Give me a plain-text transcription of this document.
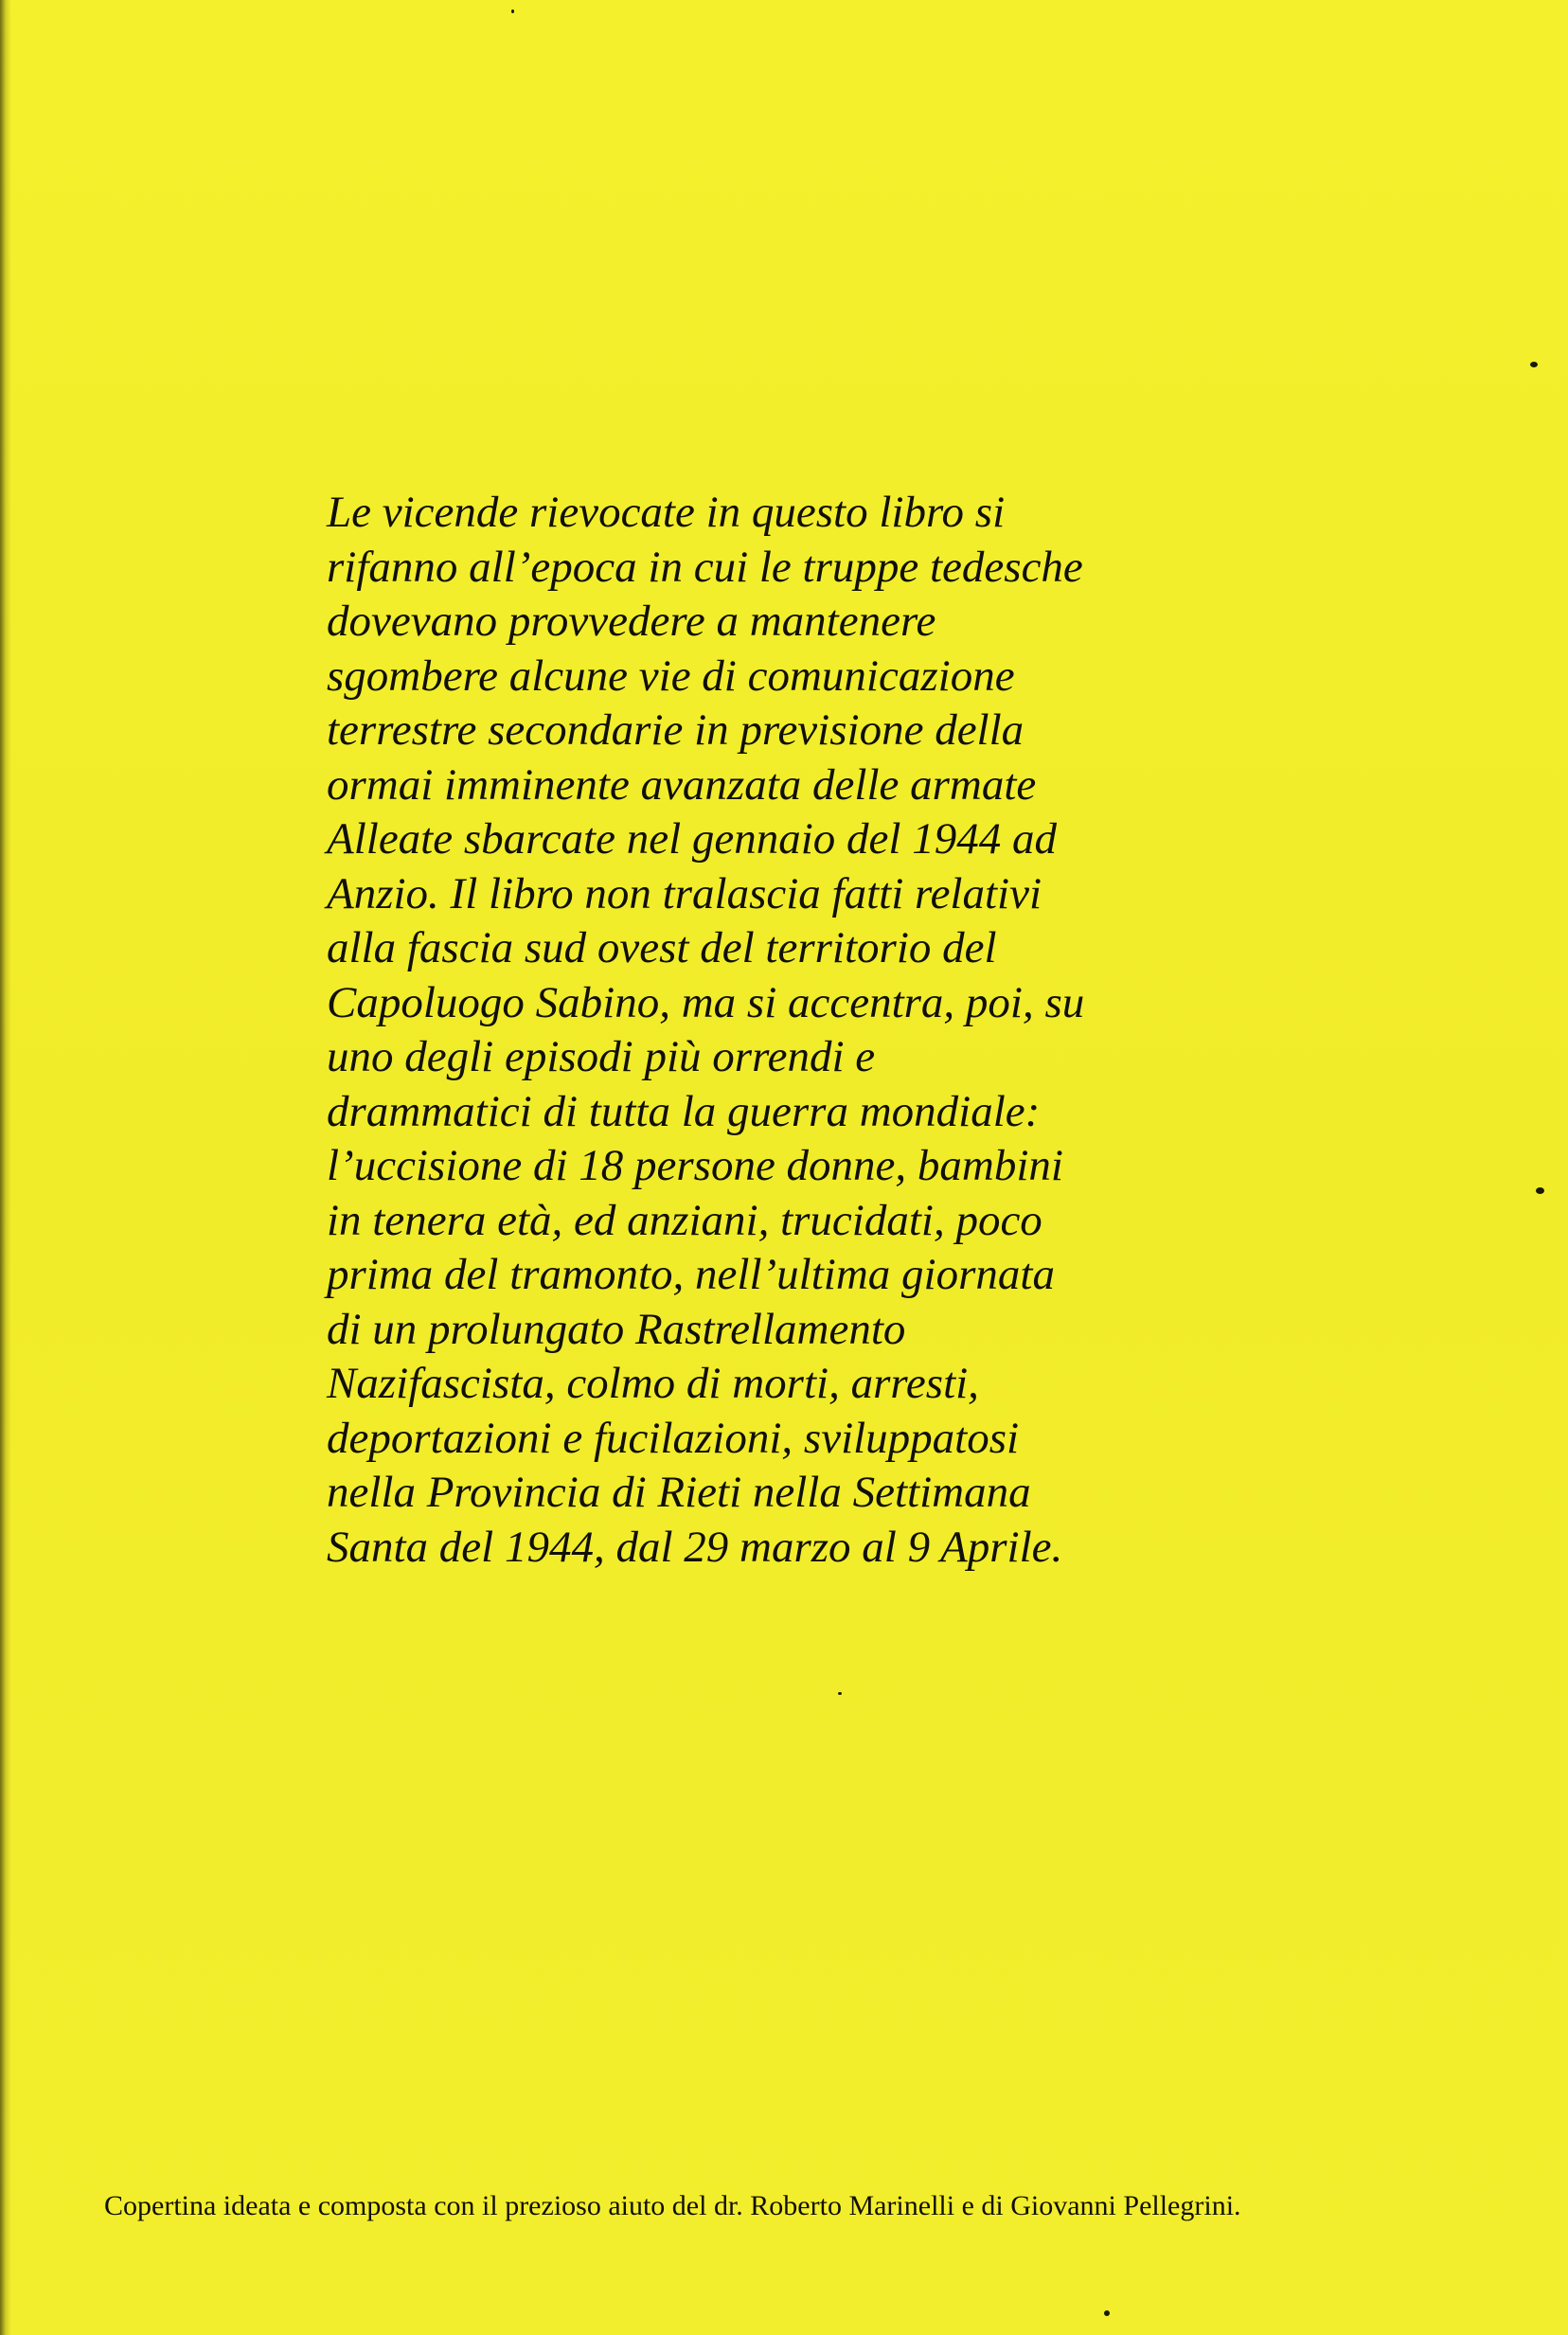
Le vicende rievocate in questo libro si
rifanno all’epoca in cui le truppe tedesche
dovevano provvedere a mantenere
sgombere alcune vie di comunicazione
terrestre secondarie in previsione della
ormai imminente avanzata delle armate
Alleate sbarcate nel gennaio del 1944 ad
Anzio. Il libro non tralascia fatti relativi
alla fascia sud ovest del territorio del
Capoluogo Sabino, ma si accentra, poi, su
uno degli episodi più orrendi e
drammatici di tutta la guerra mondiale:
l’uccisione di 18 persone donne, bambini
in tenera età, ed anziani, trucidati, poco
prima del tramonto, nell’ultima giornata
di un prolungato Rastrellamento
Nazifascista, colmo di morti, arresti,
deportazioni e fucilazioni, sviluppatosi
nella Provincia di Rieti nella Settimana
Santa del 1944, dal 29 marzo al 9 Aprile.

Copertina ideata e composta con il prezioso aiuto del dr. Roberto Marinelli e di Giovanni Pellegrini.
